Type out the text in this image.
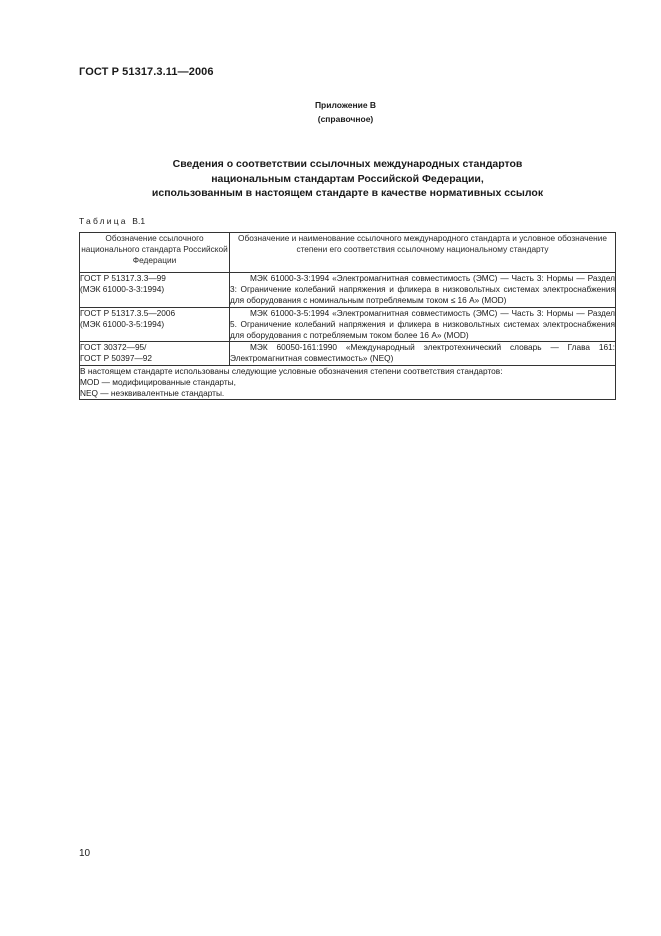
ГОСТ Р 51317.3.11—2006
Приложение В
(справочное)
Сведения о соответствии ссылочных международных стандартов
национальным стандартам Российской Федерации,
использованным в настоящем стандарте в качестве нормативных ссылок
Таблица В.1
Обозначение ссылочного национального стандарта Российской Федерации	Обозначение и наименование ссылочного международного стандарта и условное обозначение степени его соответствия ссылочному национальному стандарту

ГОСТ Р 51317.3.3—99
(МЭК 61000-3-3:1994)	МЭК 61000-3-3:1994 «Электромагнитная совместимость (ЭМС) — Часть 3: Нормы — Раздел 3: Ограничение колебаний напряжения и фликера в низковольтных системах электроснабжения для оборудования с номинальным потребляемым током ≤ 16 А» (MOD)

ГОСТ Р 51317.3.5—2006
(МЭК 61000-3-5:1994)	МЭК 61000-3-5:1994 «Электромагнитная совместимость (ЭМС) — Часть 3: Нормы — Раздел 5. Ограничение колебаний напряжения и фликера в низковольтных системах электроснабжения для оборудования с потребляемым током более 16 А» (MOD)

ГОСТ 30372—95/
ГОСТ Р 50397—92	МЭК 60050-161:1990 «Международный электротехнический словарь — Глава 161: Электромагнитная совместимость» (NEQ)

В настоящем стандарте использованы следующие условные обозначения степени соответствия стандартов:
MOD — модифицированные стандарты,
NEQ — неэквивалентные стандарты.	
10
